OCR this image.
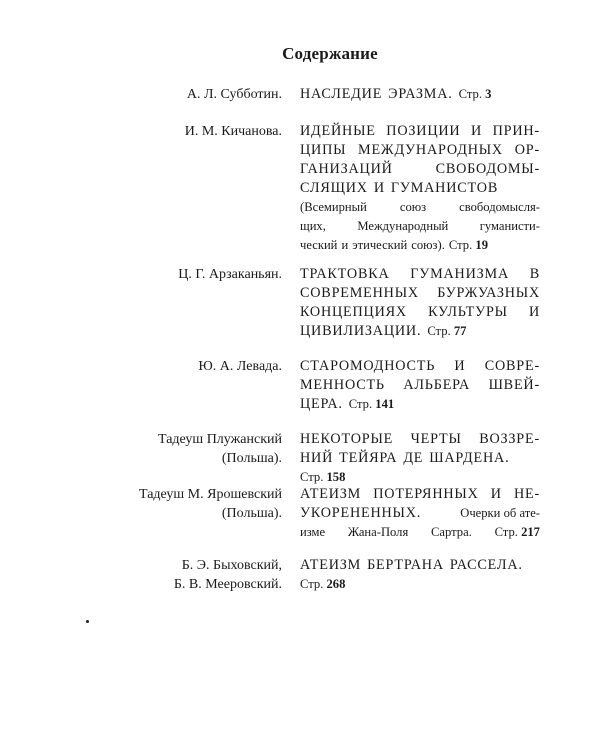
Содержание
А. Л. Субботин. НАСЛЕДИЕ ЭРАЗМА. Стр. 3
И. М. Кичанова. ИДЕЙНЫЕ ПОЗИЦИИ И ПРИН-
ЦИПЫ МЕЖДУНАРОДНЫХ ОР-
ГАНИЗАЦИЙ	СВОБОДОМЫ-
СЛЯЩИХ И ГУМАНИСТОВ
(Всемирный	союз	свободомысля-
щих, Международный гуманисти-
ческий и этический союз). Стр. 19
Ц. Г. Арзаканьян. ТРАКТОВКА ГУМАНИЗМА В
СОВРЕМЕННЫХ БУРЖУАЗНЫХ
КОНЦЕПЦИЯХ КУЛЬТУРЫ И
ЦИВИЛИЗАЦИИ. Стр. 77
Ю. А. Левада. СТАРОМОДНОСТЬ И СОВРЕ-
МЕННОСТЬ АЛЬБЕРА ШВЕЙ-
ЦЕРА. Стр. 141
Тадеуш Плужанский
(Польша).
НЕКОТОРЫЕ ЧЕРТЫ ВОЗЗРЕ-
НИЙ ТЕЙЯРА ДЕ ШАРДЕНА.
Стр. 158
Тадеуш М. Ярошевский
(Польша).
АТЕИЗМ ПОТЕРЯННЫХ И НЕ-
УКОРЕНЕННЫХ.	Очерки об ате-
изме Жана-Поля Сартра. Стр. 217
Б. Э. Быховский,
Б. В. Мееровский.
АТЕИЗМ БЕРТРАНА РАССЕЛА.
Стр. 268
